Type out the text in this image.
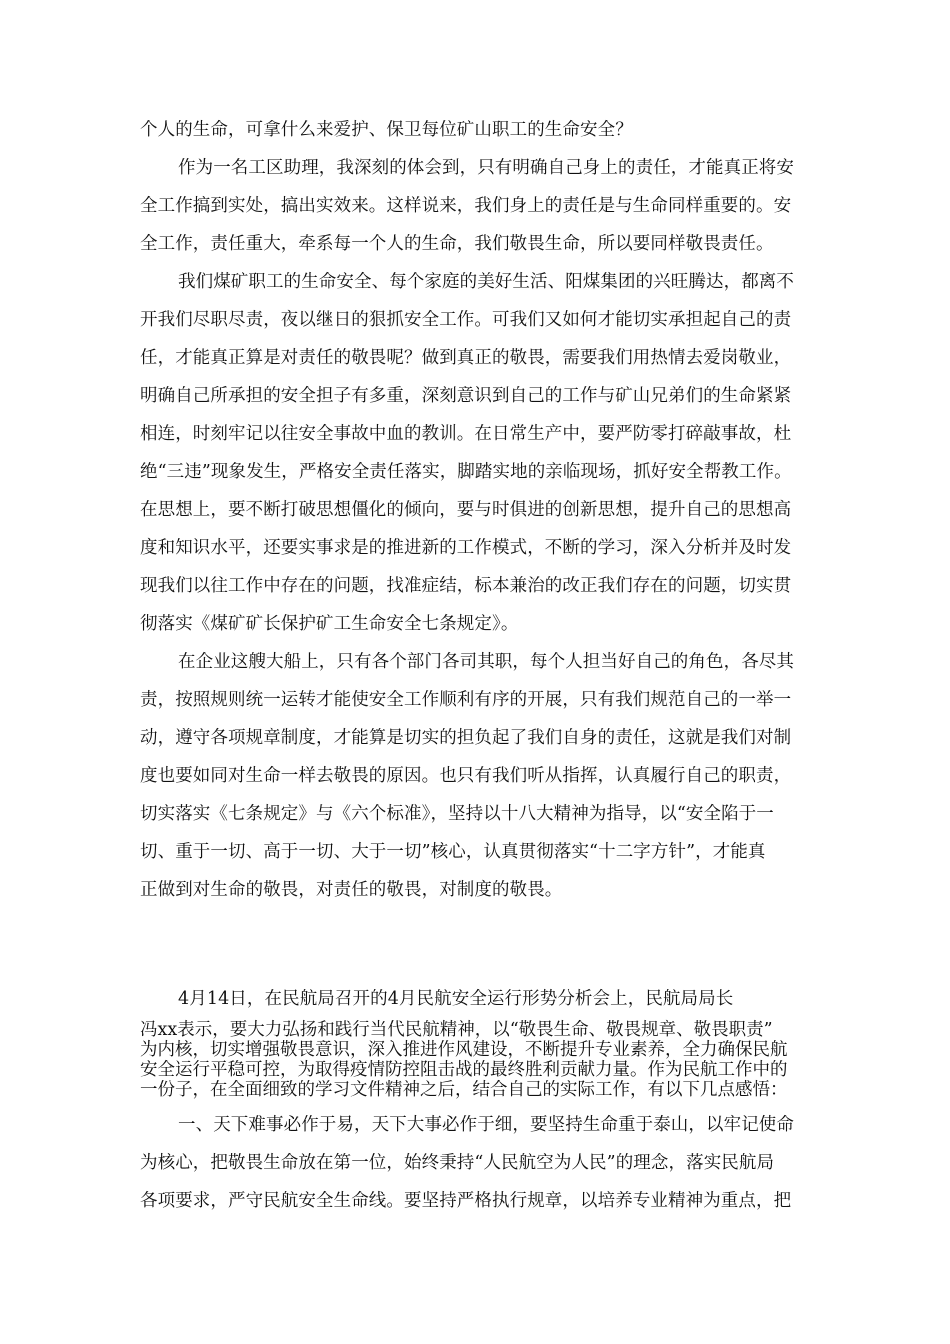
个人的生命，可拿什么来爱护、保卫每位矿山职工的生命安全？
作为一名工区助理，我深刻的体会到，只有明确自己身上的责任，才能真正将安
全工作搞到实处，搞出实效来。这样说来，我们身上的责任是与生命同样重要的。安
全工作，责任重大，牵系每一个人的生命，我们敬畏生命，所以要同样敬畏责任。
我们煤矿职工的生命安全、每个家庭的美好生活、阳煤集团的兴旺腾达，都离不
开我们尽职尽责，夜以继日的狠抓安全工作。可我们又如何才能切实承担起自己的责
任，才能真正算是对责任的敬畏呢？做到真正的敬畏，需要我们用热情去爱岗敬业，
明确自己所承担的安全担子有多重，深刻意识到自己的工作与矿山兄弟们的生命紧紧
相连，时刻牢记以往安全事故中血的教训。在日常生产中，要严防零打碎敲事故，杜
绝“三违”现象发生，严格安全责任落实，脚踏实地的亲临现场，抓好安全帮教工作。
在思想上，要不断打破思想僵化的倾向，要与时俱进的创新思想，提升自己的思想高
度和知识水平，还要实事求是的推进新的工作模式，不断的学习，深入分析并及时发
现我们以往工作中存在的问题，找准症结，标本兼治的改正我们存在的问题，切实贯
彻落实《煤矿矿长保护矿工生命安全七条规定》。
在企业这艘大船上，只有各个部门各司其职，每个人担当好自己的角色，各尽其
责，按照规则统一运转才能使安全工作顺利有序的开展，只有我们规范自己的一举一
动，遵守各项规章制度，才能算是切实的担负起了我们自身的责任，这就是我们对制
度也要如同对生命一样去敬畏的原因。也只有我们听从指挥，认真履行自己的职责，
切实落实《七条规定》与《六个标准》，坚持以十八大精神为指导，以“安全陷于一
切、重于一切、高于一切、大于一切”核心，认真贯彻落实“十二字方针”，才能真
正做到对生命的敬畏，对责任的敬畏，对制度的敬畏。
4月14日，在民航局召开的4月民航安全运行形势分析会上，民航局局长
冯xx表示，要大力弘扬和践行当代民航精神，以“敬畏生命、敬畏规章、敬畏职责”
为内核，切实增强敬畏意识，深入推进作风建设，不断提升专业素养，全力确保民航
安全运行平稳可控，为取得疫情防控阻击战的最终胜利贡献力量。作为民航工作中的
一份子，在全面细致的学习文件精神之后，结合自己的实际工作，有以下几点感悟：
一、天下难事必作于易，天下大事必作于细，要坚持生命重于泰山，以牢记使命
为核心，把敬畏生命放在第一位，始终秉持“人民航空为人民”的理念，落实民航局
各项要求，严守民航安全生命线。要坚持严格执行规章，以培养专业精神为重点，把
